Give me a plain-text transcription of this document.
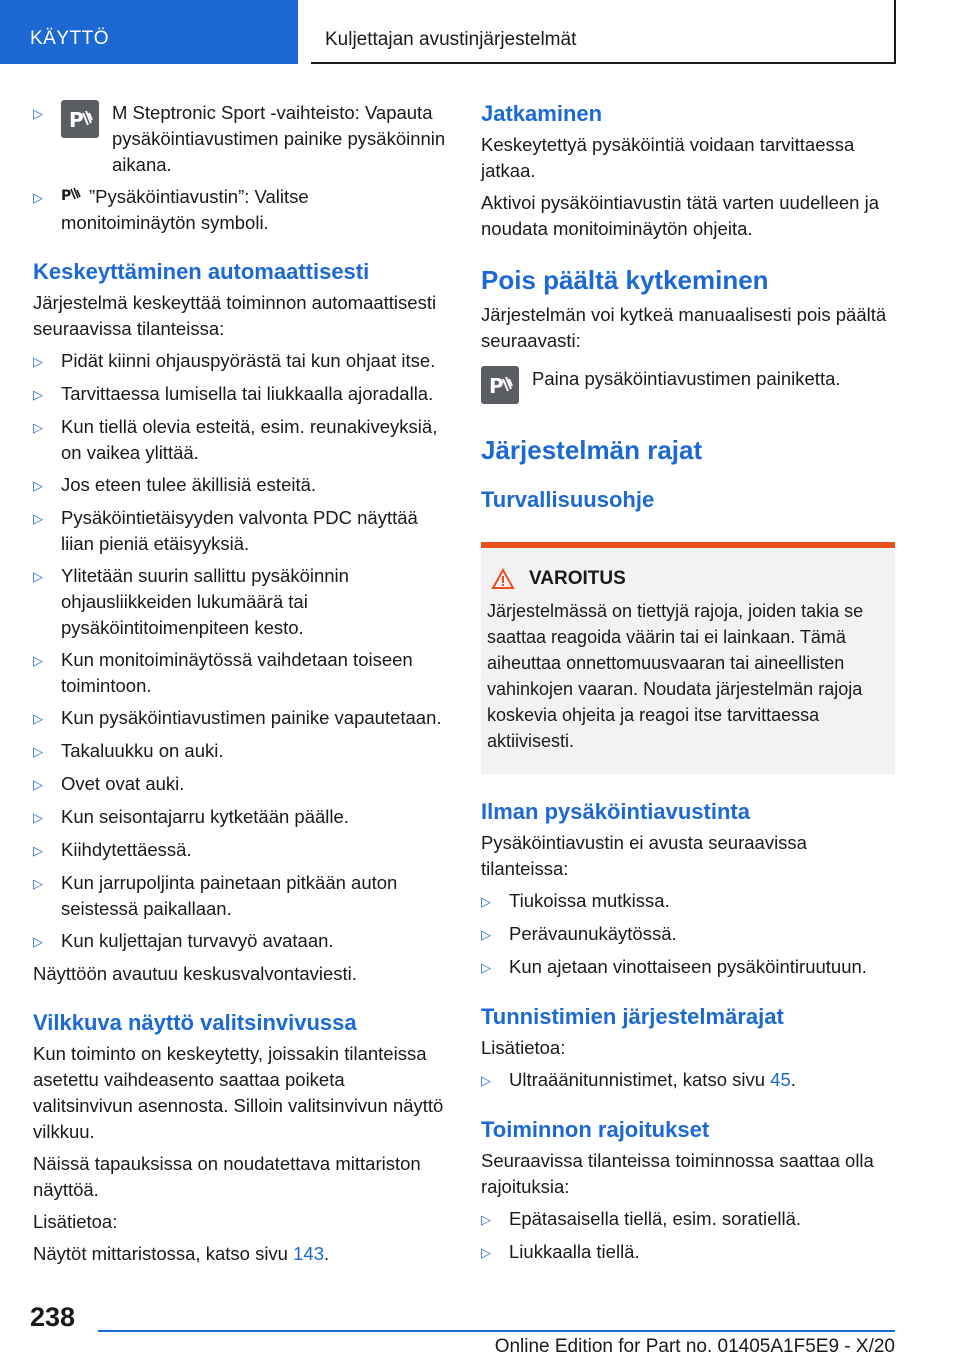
KÄYTTÖ	Kuljettajan avustinjärjestelmät
▷	P M Steptronic Sport -vaihteisto: Vapauta pysäköintiavustimen painike pysäköinnin aikana.
▷	P ”Pysäköintiavustin”: Valitse monitoiminäytön symboli.
Keskeyttäminen automaattisesti

Järjestelmä keskeyttää toiminnon automaattisesti seuraavissa tilanteissa:

▷ Pidät kiinni ohjauspyörästä tai kun ohjaat itse.
▷ Tarvittaessa lumisella tai liukkaalla ajoradalla.
▷ Kun tiellä olevia esteitä, esim. reunakiveyksiä, on vaikea ylittää.
▷ Jos eteen tulee äkillisiä esteitä.
▷ Pysäköintietäisyyden valvonta PDC näyttää liian pieniä etäisyyksiä.
▷ Ylitetään suurin sallittu pysäköinnin ohjausliikkeiden lukumäärä tai pysäköintitoimenpiteen kesto.
▷ Kun monitoiminäytössä vaihdetaan toiseen toimintoon.
▷ Kun pysäköintiavustimen painike vapautetaan.
▷ Takaluukku on auki.
▷ Ovet ovat auki.
▷ Kun seisontajarru kytketään päälle.
▷ Kiihdytettäessä.
▷ Kun jarrupoljinta painetaan pitkään auton seistessä paikallaan.
▷ Kun kuljettajan turvavyö avataan.

Näyttöön avautuu keskusvalvontaviesti.

Vilkkuva näyttö valitsinvivussa

Kun toiminto on keskeytetty, joissakin tilanteissa asetettu vaihdeasento saattaa poiketa valitsinvivun asennosta. Silloin valitsinvivun näyttö vilkkuu.

Näissä tapauksissa on noudatettava mittariston näyttöä.

Lisätietoa:

Näytöt mittaristossa, katso sivu 143.

Jatkaminen

Keskeytettyä pysäköintiä voidaan tarvittaessa jatkaa.

Aktivoi pysäköintiavustin tätä varten uudelleen ja noudata monitoiminäytön ohjeita.

Pois päältä kytkeminen

Järjestelmän voi kytkeä manuaalisesti pois päältä seuraavasti:

P Paina pysäköintiavustimen painiketta.
Järjestelmän rajat
Turvallisuusohje
VAROITUS
Järjestelmässä on tiettyjä rajoja, joiden takia se saattaa reagoida väärin tai ei lainkaan. Tämä aiheuttaa onnettomuusvaaran tai aineellisten vahinkojen vaaran. Noudata järjestelmän rajoja koskevia ohjeita ja reagoi itse tarvittaessa aktiivisesti.
Ilman pysäköintiavustinta

Pysäköintiavustin ei avusta seuraavissa tilanteissa:

▷ Tiukoissa mutkissa.
▷ Perävaunukäytössä.
▷ Kun ajetaan vinottaiseen pysäköintiruutuun.
Tunnistimien järjestelmärajat

Lisätietoa:

▷ Ultraäänitunnistimet, katso sivu 45.
Toiminnon rajoitukset

Seuraavissa tilanteissa toiminnossa saattaa olla rajoituksia:

▷ Epätasaisella tiellä, esim. soratiellä.
▷ Liukkaalla tiellä.
238
Online Edition for Part no. 01405A1F5E9 - X/20
